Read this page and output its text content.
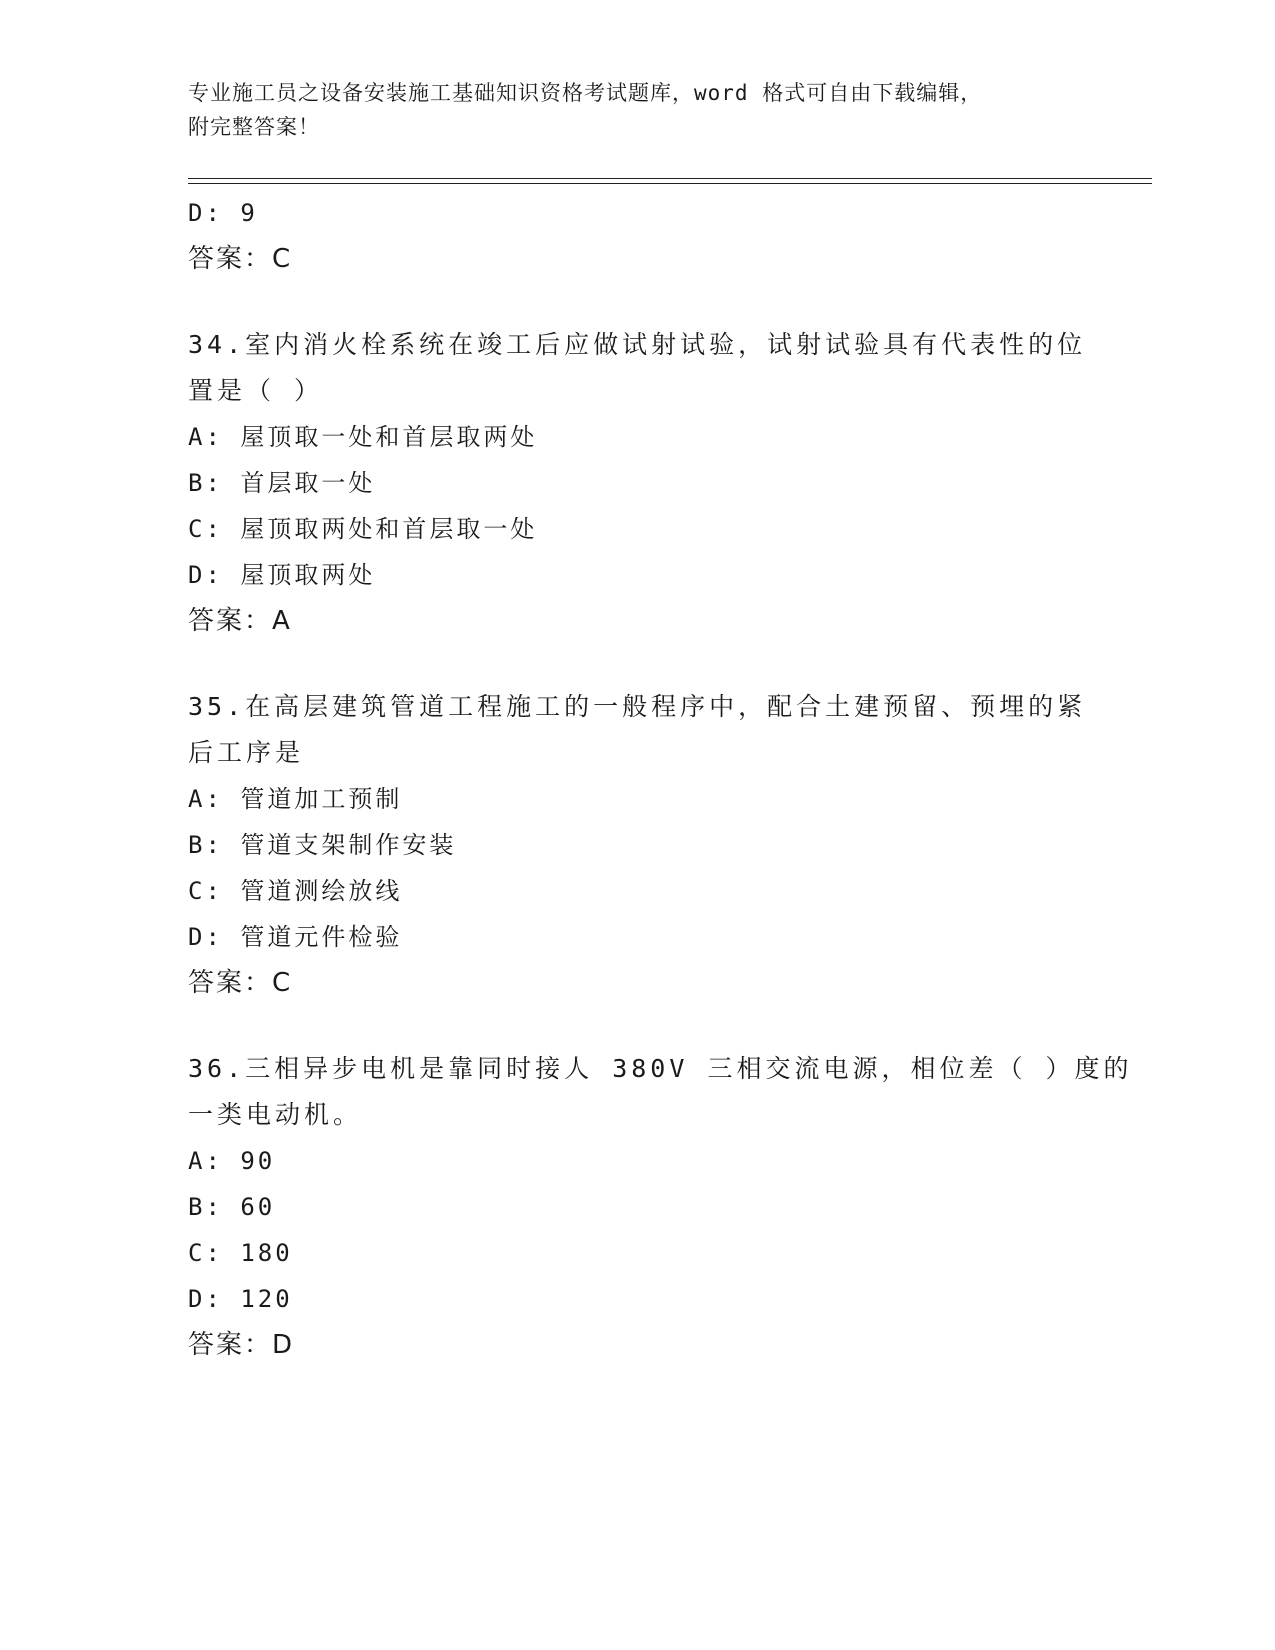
专业施工员之设备安装施工基础知识资格考试题库，word 格式可自由下载编辑，
附完整答案！
D: 9
答案：C
34.室内消火栓系统在竣工后应做试射试验，试射试验具有代表性的位
置是（ ）
A: 屋顶取一处和首层取两处
B: 首层取一处
C: 屋顶取两处和首层取一处
D: 屋顶取两处
答案：A
35.在高层建筑管道工程施工的一般程序中，配合土建预留、预埋的紧
后工序是
A: 管道加工预制
B: 管道支架制作安装
C: 管道测绘放线
D: 管道元件检验
答案：C
36.三相异步电机是靠同时接人 380V 三相交流电源，相位差（ ）度的
一类电动机。
A: 90
B: 60
C: 180
D: 120
答案：D
